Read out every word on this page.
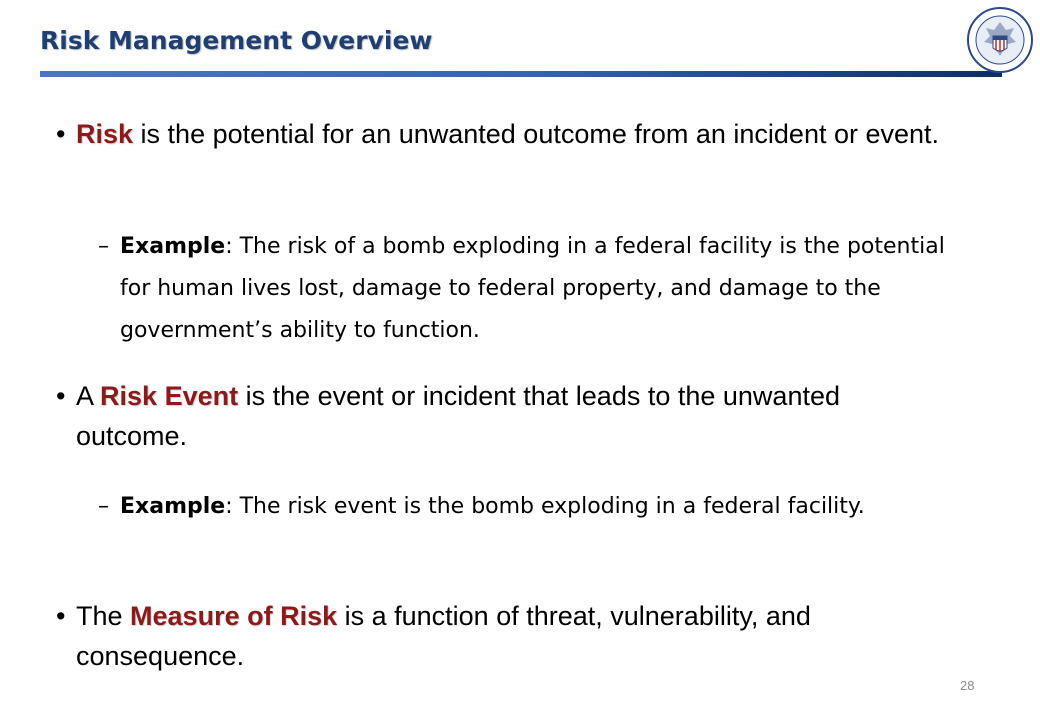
Risk Management Overview

• Risk is the potential for an unwanted outcome from an incident or event.

– Example: The risk of a bomb exploding in a federal facility is the potential for human lives lost, damage to federal property, and damage to the government’s ability to function.

• A Risk Event is the event or incident that leads to the unwanted outcome.

– Example: The risk event is the bomb exploding in a federal facility.

• The Measure of Risk is a function of threat, vulnerability, and consequence.

28
